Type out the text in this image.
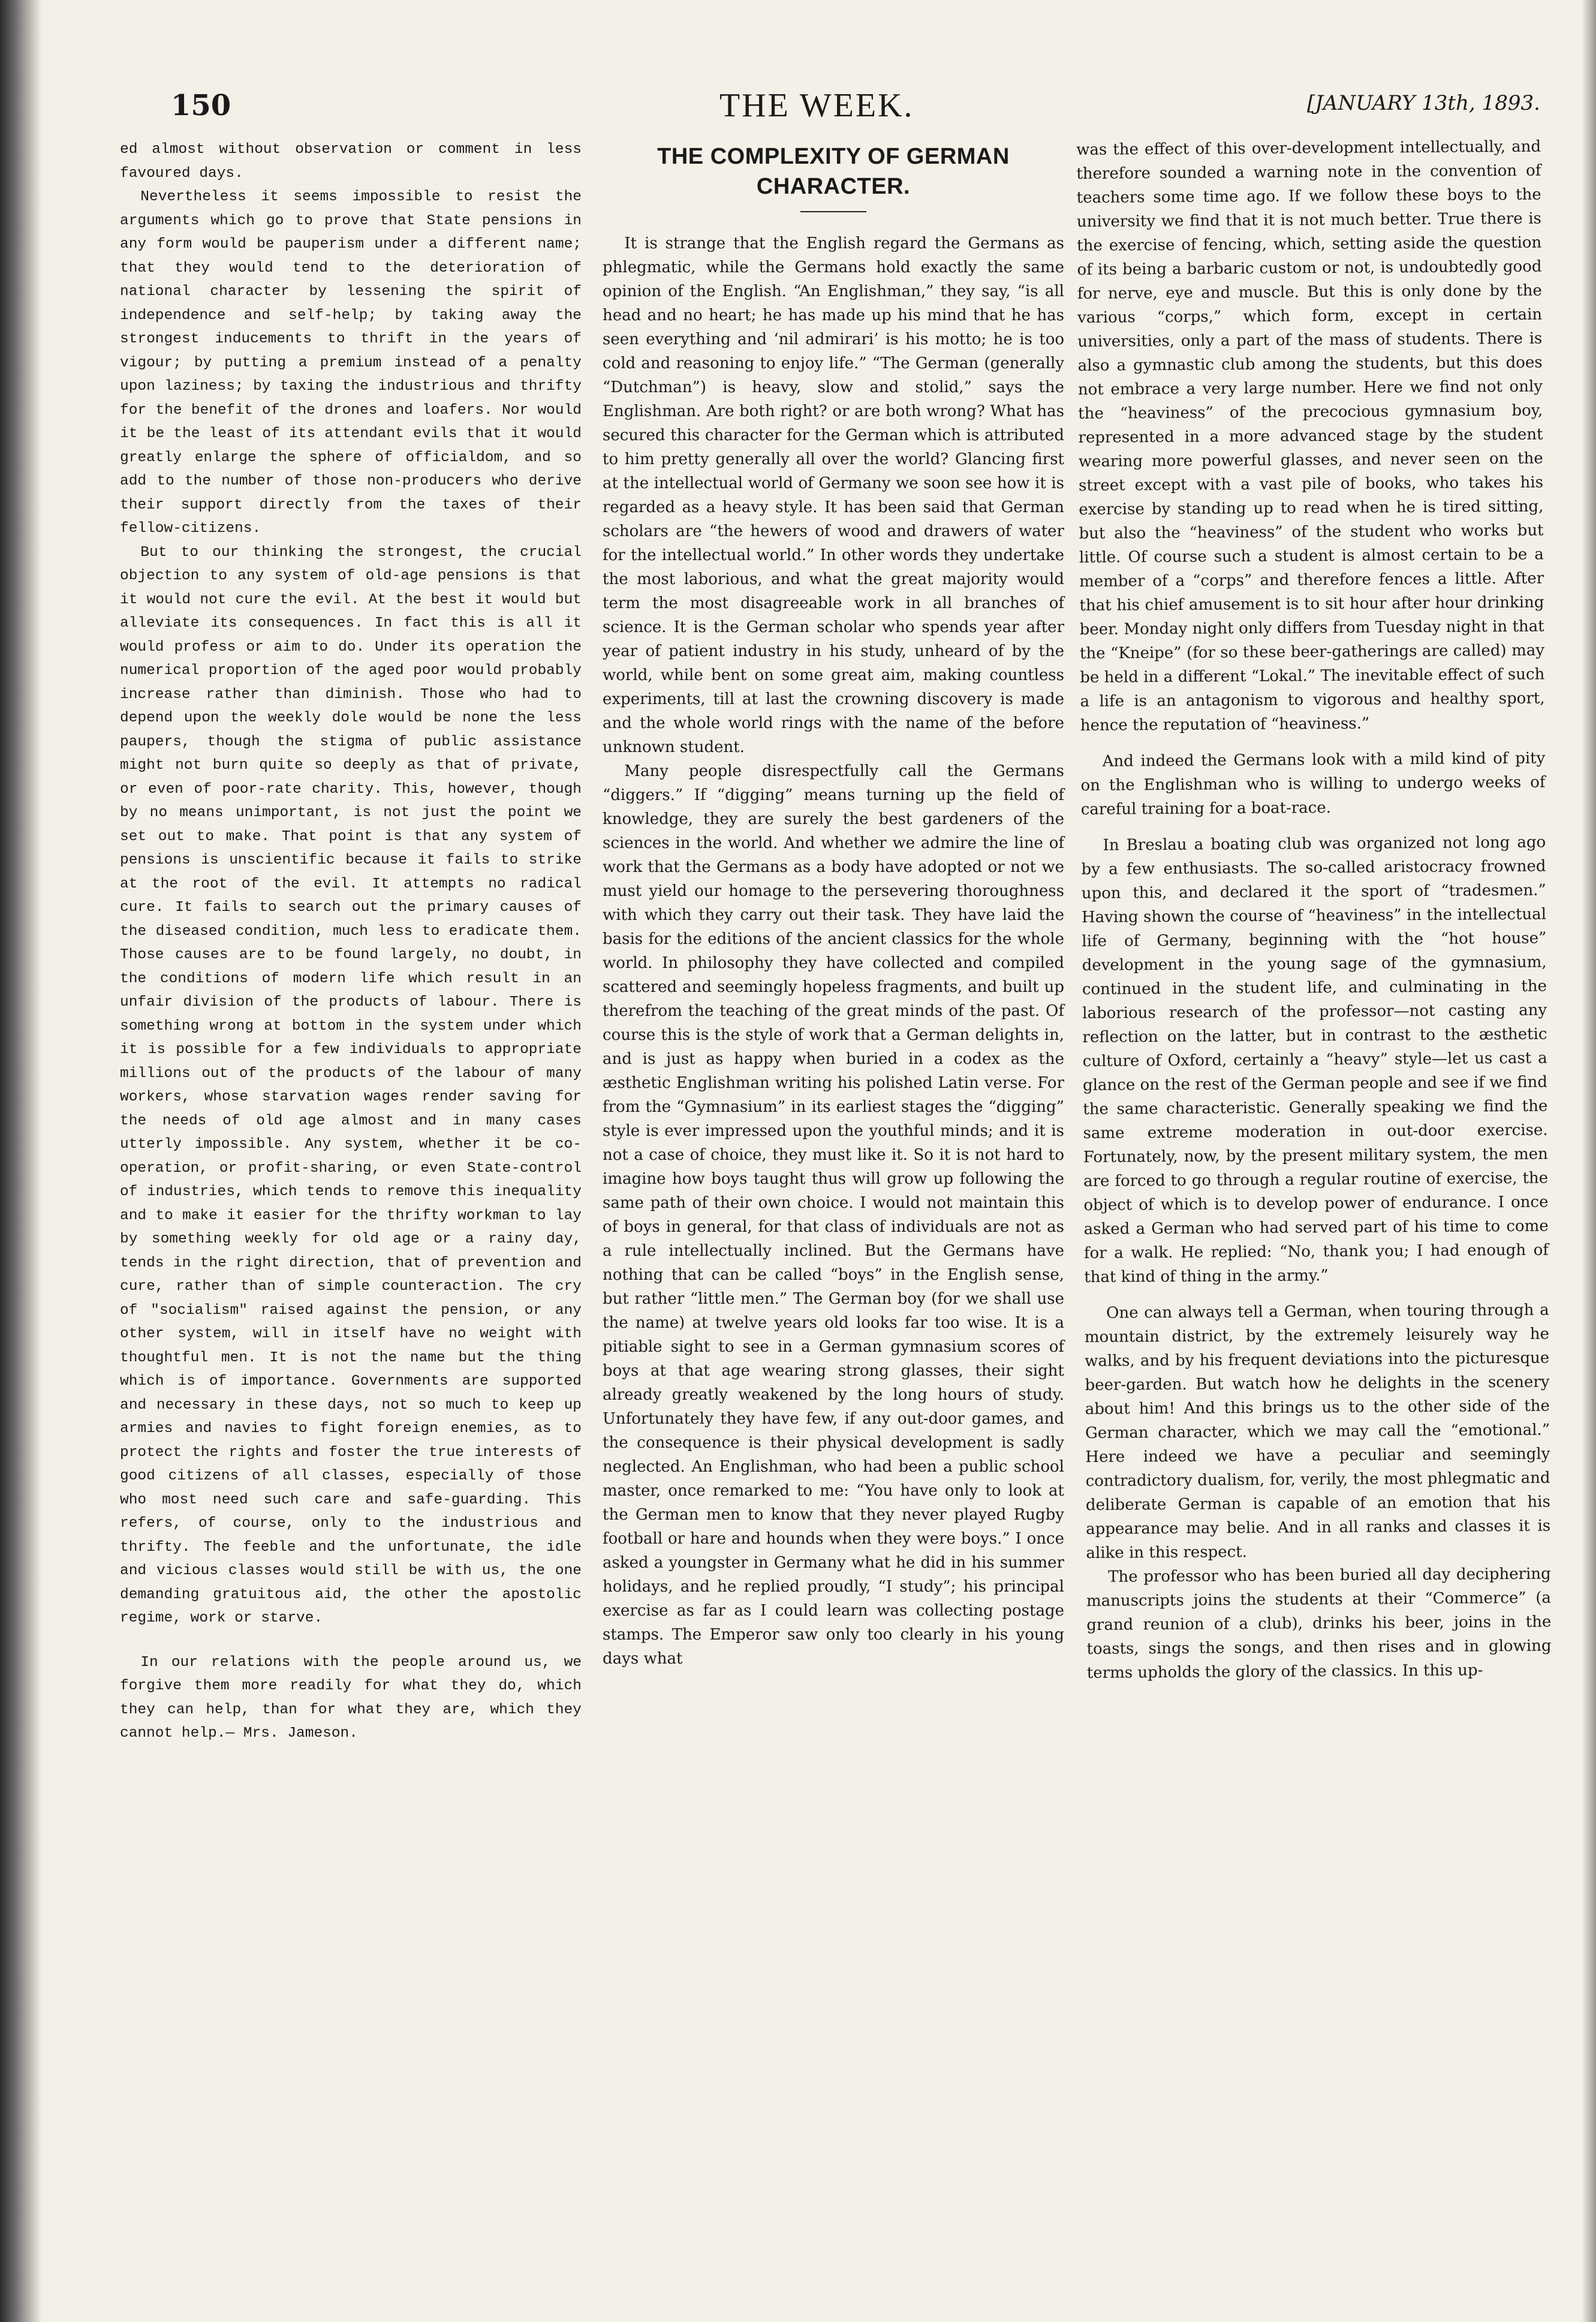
150	THE WEEK.	[JANUARY 13th, 1893.

ed almost without observation or comment in less favoured days.

Nevertheless it seems impossible to resist the arguments which go to prove that State pensions in any form would be pauperism under a different name; that they would tend to the deterioration of national character by lessening the spirit of independence and self-help; by taking away the strongest inducements to thrift in the years of vigour; by putting a premium instead of a penalty upon laziness; by taxing the industrious and thrifty for the benefit of the drones and loafers. Nor would it be the least of its attendant evils that it would greatly enlarge the sphere of officialdom, and so add to the number of those non-producers who derive their support directly from the taxes of their fellow-citizens.

But to our thinking the strongest, the crucial objection to any system of old-age pensions is that it would not cure the evil. At the best it would but alleviate its consequences. In fact this is all it would profess or aim to do. Under its operation the numerical proportion of the aged poor would probably increase rather than diminish. Those who had to depend upon the weekly dole would be none the less paupers, though the stigma of public assistance might not burn quite so deeply as that of private, or even of poor-rate charity. This, however, though by no means unimportant, is not just the point we set out to make. That point is that any system of pensions is unscientific because it fails to strike at the root of the evil. It attempts no radical cure. It fails to search out the primary causes of the diseased condition, much less to eradicate them. Those causes are to be found largely, no doubt, in the conditions of modern life which result in an unfair division of the products of labour. There is something wrong at bottom in the system under which it is possible for a few individuals to appropriate millions out of the products of the labour of many workers, whose starvation wages render saving for the needs of old age almost and in many cases utterly impossible. Any system, whether it be co-operation, or profit-sharing, or even State-control of industries, which tends to remove this inequality and to make it easier for the thrifty workman to lay by something weekly for old age or a rainy day, tends in the right direction, that of prevention and cure, rather than of simple counteraction. The cry of "socialism" raised against the pension, or any other system, will in itself have no weight with thoughtful men. It is not the name but the thing which is of importance. Governments are supported and necessary in these days, not so much to keep up armies and navies to fight foreign enemies, as to protect the rights and foster the true interests of good citizens of all classes, especially of those who most need such care and safe-guarding. This refers, of course, only to the industrious and thrifty. The feeble and the unfortunate, the idle and vicious classes would still be with us, the one demanding gratuitous aid, the other the apostolic regime, work or starve.

In our relations with the people around us, we forgive them more readily for what they do, which they can help, than for what they are, which they cannot help.— Mrs. Jameson.

THE COMPLEXITY OF GERMAN CHARACTER.

It is strange that the English regard the Germans as phlegmatic, while the Germans hold exactly the same opinion of the English. “An Englishman,” they say, “is all head and no heart; he has made up his mind that he has seen everything and ‘nil admirari’ is his motto; he is too cold and reasoning to enjoy life.” “The German (generally “Dutchman”) is heavy, slow and stolid,” says the Englishman. Are both right? or are both wrong? What has secured this character for the German which is attributed to him pretty generally all over the world? Glancing first at the intellectual world of Germany we soon see how it is regarded as a heavy style. It has been said that German scholars are “the hewers of wood and drawers of water for the intellectual world.” In other words they undertake the most laborious, and what the great majority would term the most disagreeable work in all branches of science. It is the German scholar who spends year after year of patient industry in his study, unheard of by the world, while bent on some great aim, making countless experiments, till at last the crowning discovery is made and the whole world rings with the name of the before unknown student.

Many people disrespectfully call the Germans “diggers.” If “digging” means turning up the field of knowledge, they are surely the best gardeners of the sciences in the world. And whether we admire the line of work that the Germans as a body have adopted or not we must yield our homage to the persevering thoroughness with which they carry out their task. They have laid the basis for the editions of the ancient classics for the whole world. In philosophy they have collected and compiled scattered and seemingly hopeless fragments, and built up therefrom the teaching of the great minds of the past. Of course this is the style of work that a German delights in, and is just as happy when buried in a codex as the æsthetic Englishman writing his polished Latin verse. For from the “Gymnasium” in its earliest stages the “digging” style is ever impressed upon the youthful minds; and it is not a case of choice, they must like it. So it is not hard to imagine how boys taught thus will grow up following the same path of their own choice. I would not maintain this of boys in general, for that class of individuals are not as a rule intellectually inclined. But the Germans have nothing that can be called “boys” in the English sense, but rather “little men.” The German boy (for we shall use the name) at twelve years old looks far too wise. It is a pitiable sight to see in a German gymnasium scores of boys at that age wearing strong glasses, their sight already greatly weakened by the long hours of study. Unfortunately they have few, if any out-door games, and the consequence is their physical development is sadly neglected. An Englishman, who had been a public school master, once remarked to me: “You have only to look at the German men to know that they never played Rugby football or hare and hounds when they were boys.” I once asked a youngster in Germany what he did in his summer holidays, and he replied proudly, “I study”; his principal exercise as far as I could learn was collecting postage stamps. The Emperor saw only too clearly in his young days what

was the effect of this over-development intellectually, and therefore sounded a warning note in the convention of teachers some time ago. If we follow these boys to the university we find that it is not much better. True there is the exercise of fencing, which, setting aside the question of its being a barbaric custom or not, is undoubtedly good for nerve, eye and muscle. But this is only done by the various “corps,” which form, except in certain universities, only a part of the mass of students. There is also a gymnastic club among the students, but this does not embrace a very large number. Here we find not only the “heaviness” of the precocious gymnasium boy, represented in a more advanced stage by the student wearing more powerful glasses, and never seen on the street except with a vast pile of books, who takes his exercise by standing up to read when he is tired sitting, but also the “heaviness” of the student who works but little. Of course such a student is almost certain to be a member of a “corps” and therefore fences a little. After that his chief amusement is to sit hour after hour drinking beer. Monday night only differs from Tuesday night in that the “Kneipe” (for so these beer-gatherings are called) may be held in a different “Lokal.” The inevitable effect of such a life is an antagonism to vigorous and healthy sport, hence the reputation of “heaviness.”

And indeed the Germans look with a mild kind of pity on the Englishman who is willing to undergo weeks of careful training for a boat-race.

In Breslau a boating club was organized not long ago by a few enthusiasts. The so-called aristocracy frowned upon this, and declared it the sport of “tradesmen.” Having shown the course of “heaviness” in the intellectual life of Germany, beginning with the “hot house” development in the young sage of the gymnasium, continued in the student life, and culminating in the laborious research of the professor—not casting any reflection on the latter, but in contrast to the æsthetic culture of Oxford, certainly a “heavy” style—let us cast a glance on the rest of the German people and see if we find the same characteristic. Generally speaking we find the same extreme moderation in out-door exercise. Fortunately, now, by the present military system, the men are forced to go through a regular routine of exercise, the object of which is to develop power of endurance. I once asked a German who had served part of his time to come for a walk. He replied: “No, thank you; I had enough of that kind of thing in the army.”

One can always tell a German, when touring through a mountain district, by the extremely leisurely way he walks, and by his frequent deviations into the picturesque beer-garden. But watch how he delights in the scenery about him! And this brings us to the other side of the German character, which we may call the “emotional.” Here indeed we have a peculiar and seemingly contradictory dualism, for, verily, the most phlegmatic and deliberate German is capable of an emotion that his appearance may belie. And in all ranks and classes it is alike in this respect.

The professor who has been buried all day deciphering manuscripts joins the students at their “Commerce” (a grand reunion of a club), drinks his beer, joins in the toasts, sings the songs, and then rises and in glowing terms upholds the glory of the classics. In this up-
